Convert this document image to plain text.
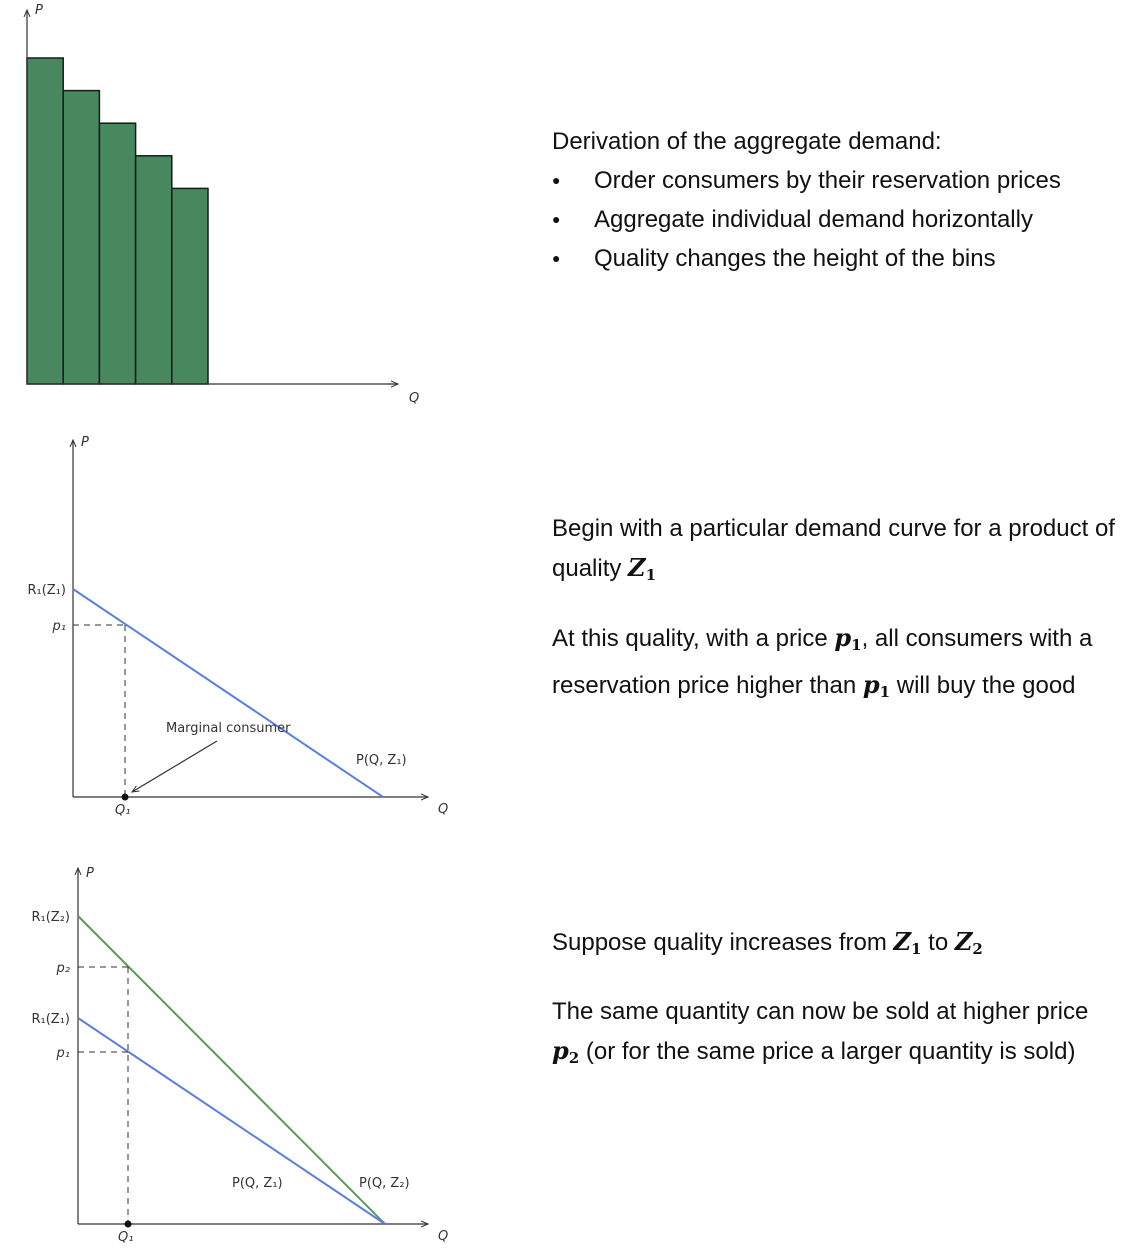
P
Q
P
Q
R₁(Z₁)
p₁
Q₁
Marginal consumer
P(Q, Z₁)
P
Q
R₁(Z₂)
p₂
R₁(Z₁)
p₁
Q₁
P(Q, Z₁)	P(Q, Z₂)

Derivation of the aggregate demand:

● Order consumers by their reservation prices
● Aggregate individual demand horizontally
● Quality changes the height of the bins

Begin with a particular demand curve for a product of quality $Z_1$

At this quality, with a price $p_1$, all consumers with a reservation price higher than $p_1$ will buy the good

Suppose quality increases from $Z_1$ to $Z_2$

The same quantity can now be sold at higher price $p_2$ (or for the same price a larger quantity is sold)
